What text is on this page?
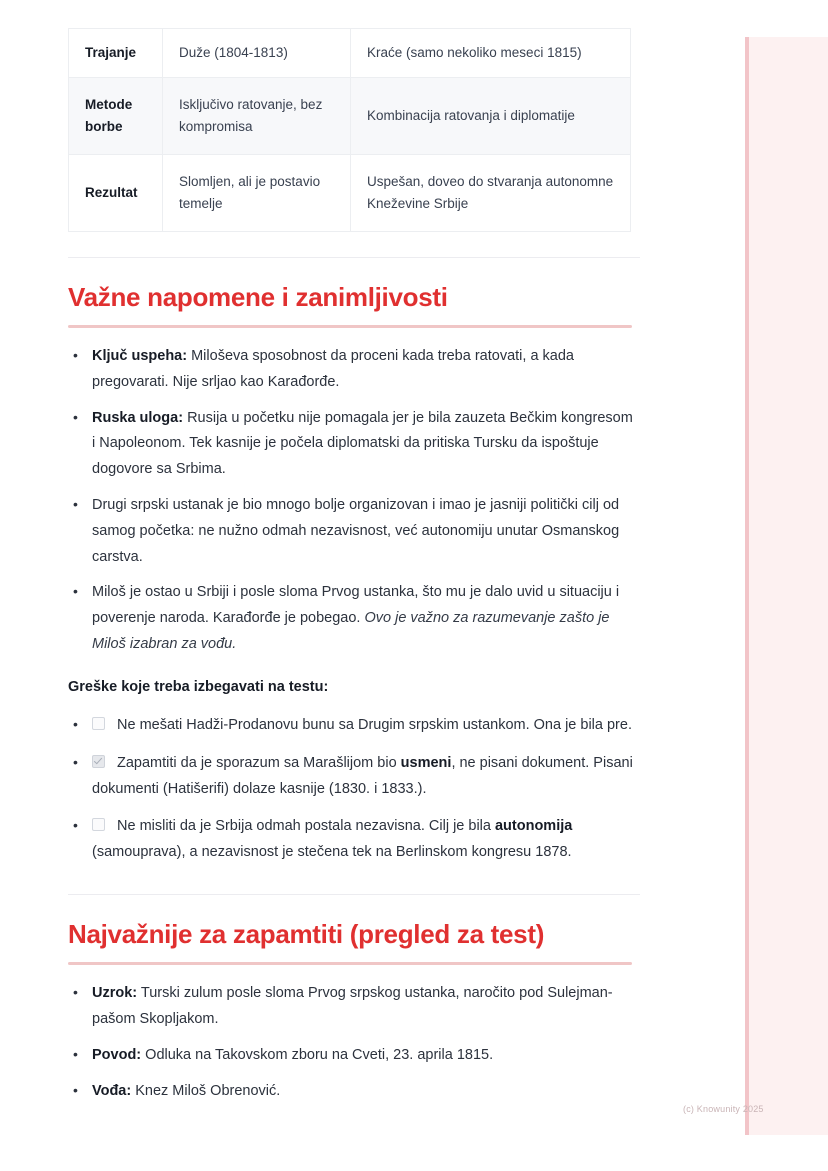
Trajanje	Duže (1804-1813)	Kraće (samo nekoliko meseci 1815)
Metode borbe	Isključivo ratovanje, bez kompromisa	Kombinacija ratovanja i diplomatije
Rezultat	Slomljen, ali je postavio temelje	Uspešan, doveo do stvaranja autonomne Kneževine Srbije
Važne napomene i zanimljivosti
• Ključ uspeha: Miloševa sposobnost da proceni kada treba ratovati, a kada pregovarati. Nije srljao kao Karađorđe.
• Ruska uloga: Rusija u početku nije pomagala jer je bila zauzeta Bečkim kongresom i Napoleonom. Tek kasnije je počela diplomatski da pritiska Tursku da ispoštuje dogovore sa Srbima.
• Drugi srpski ustanak je bio mnogo bolje organizovan i imao je jasniji politički cilj od samog početka: ne nužno odmah nezavisnost, već autonomiju unutar Osmanskog carstva.
• Miloš je ostao u Srbiji i posle sloma Prvog ustanka, što mu je dalo uvid u situaciju i poverenje naroda. Karađorđe je pobegao. Ovo je važno za razumevanje zašto je Miloš izabran za vođu.
Greške koje treba izbegavati na testu:
• Ne mešati Hadži-Prodanovu bunu sa Drugim srpskim ustankom. Ona je bila pre.
• Zapamtiti da je sporazum sa Marašlijom bio usmeni, ne pisani dokument. Pisani dokumenti (Hatišerifi) dolaze kasnije (1830. i 1833.).
• Ne misliti da je Srbija odmah postala nezavisna. Cilj je bila autonomija (samouprava), a nezavisnost je stečena tek na Berlinskom kongresu 1878.
Najvažnije za zapamtiti (pregled za test)
• Uzrok: Turski zulum posle sloma Prvog srpskog ustanka, naročito pod Sulejman-pašom Skopljakom.
• Povod: Odluka na Takovskom zboru na Cveti, 23. aprila 1815.
• Vođa: Knez Miloš Obrenović.
(c) Knowunity 2025
